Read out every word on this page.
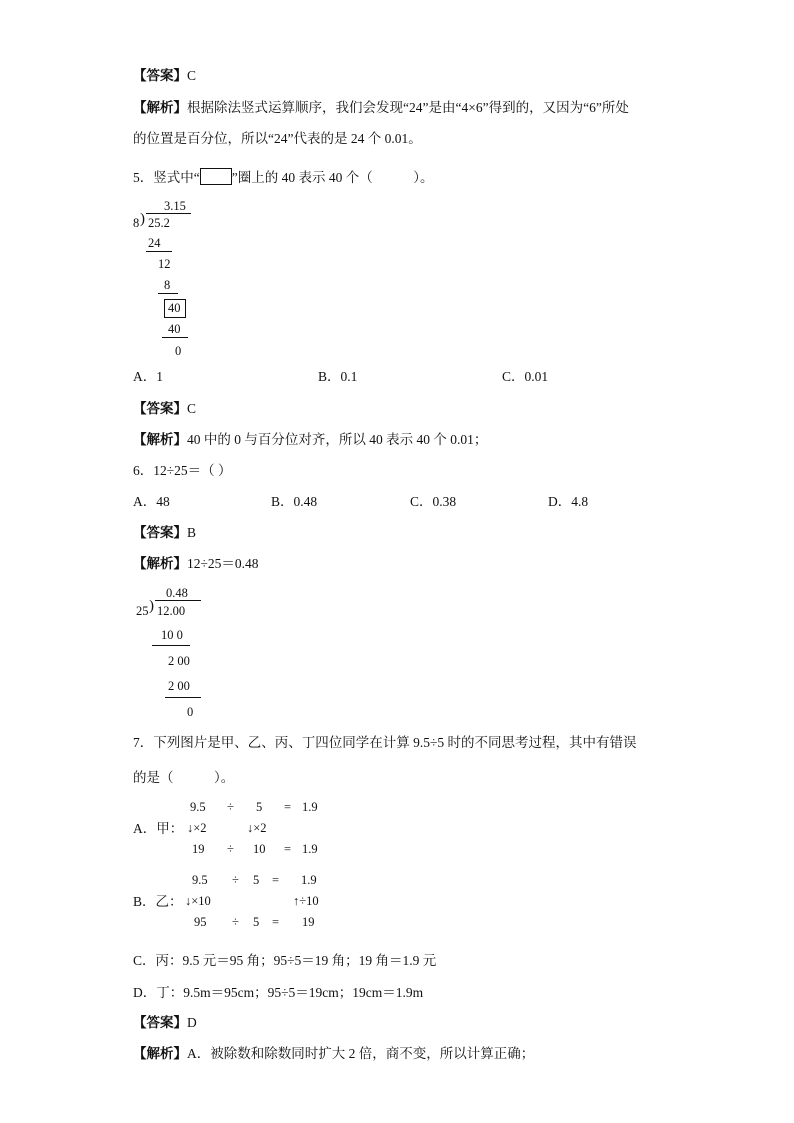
【答案】C
【解析】根据除法竖式运算顺序，我们会发现“24”是由“4×6”得到的，又因为“6”所处
的位置是百分位，所以“24”代表的是 24 个 0.01。
5．竖式中“ ”圈上的 40 表示 40 个（　　　）。
3.15
8 ) 25.2
24
12
8
40
40
0
A．1	B．0.1	C．0.01
【答案】C
【解析】40 中的 0 与百分位对齐，所以 40 表示 40 个 0.01；
6．12÷25＝（ ）
A．48	B．0.48	C．0.38	D．4.8
【答案】B
【解析】12÷25＝0.48
0.48
25 ) 12.00
10 0
2 00
2 00
0
7．下列图片是甲、乙、丙、丁四位同学在计算 9.5÷5 时的不同思考过程，其中有错误
的是（　　　）。
9.5 ÷ 5 = 1.9
A．甲： ↓×2	↓×2
19 ÷ 10 = 1.9
9.5 ÷ 5 = 1.9
B．乙： ↓×10	↑÷10
95 ÷ 5 = 19
C．丙：9.5 元＝95 角；95÷5＝19 角；19 角＝1.9 元
D．丁：9.5m＝95cm；95÷5＝19cm；19cm＝1.9m
【答案】D
【解析】A．被除数和除数同时扩大 2 倍，商不变，所以计算正确；
